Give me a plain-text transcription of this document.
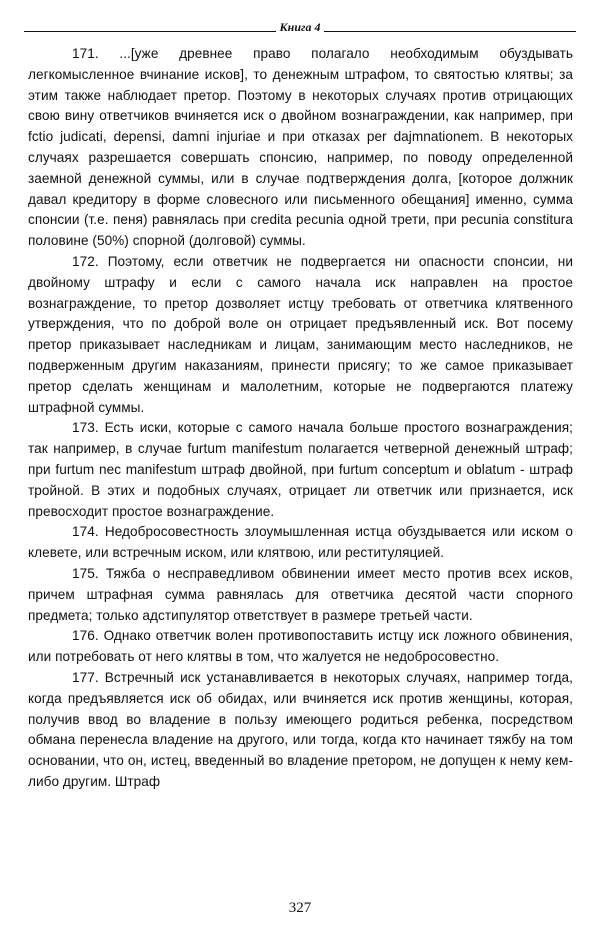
$_{Книга 4}$

171. ...[уже древнее право полагало необходимым обуздывать легкомысленное вчинание исков], то денежным штрафом, то святостью клятвы; за этим также наблюдает претор. Поэтому в некоторых случаях против отрицающих свою вину ответчиков вчиняется иск о двойном вознаграждении, как например, при fctio judicati, depensi, damni injuriae и при отказах per dajmnationem. В некоторых случаях разрешается совершать спонсию, например, по поводу определенной заемной денежной суммы, или в случае подтверждения долга, [которое должник давал кредитору в форме словесного или письменного обещания] именно, сумма спонсии (т.е. пеня) равнялась при credita pecunia одной трети, при pecunia constitura половине (50%) спорной (долговой) суммы.

172. Поэтому, если ответчик не подвергается ни опасности спонсии, ни двойному штрафу и если с самого начала иск направлен на простое вознаграждение, то претор дозволяет истцу требовать от ответчика клятвенного утверждения, что по доброй воле он отрицает предъявленный иск. Вот посему претор приказывает наследникам и лицам, занимающим место наследников, не подверженным другим наказаниям, принести присягу; то же самое приказывает претор сделать женщинам и малолетним, которые не подвергаются платежу штрафной суммы.

173. Есть иски, которые с самого начала больше простого вознаграждения; так например, в случае furtum manifestum полагается четверной денежный штраф; при furtum nec manifestum штраф двойной, при furtum conceptum и oblatum - штраф тройной. В этих и подобных случаях, отрицает ли ответчик или признается, иск превосходит простое вознаграждение.

174. Недобросовестность злоумышленная истца обуздывается или иском о клевете, или встречным иском, или клятвою, или реституляцией.

175. Тяжба о несправедливом обвинении имеет место против всех исков, причем штрафная сумма равнялась для ответчика десятой части спорного предмета; только адстипулятор ответствует в размере третьей части.

176. Однако ответчик волен противопоставить истцу иск ложного обвинения, или потребовать от него клятвы в том, что жалуется не недобросовестно.

177. Встречный иск устанавливается в некоторых случаях, например тогда, когда предъявляется иск об обидах, или вчиняется иск против женщины, которая, получив ввод во владение в пользу имеющего родиться ребенка, посредством обмана перенесла владение на другого, или тогда, когда кто начинает тяжбу на том основании, что он, истец, введенный во владение претором, не допущен к нему кем-либо другим. Штраф

327
